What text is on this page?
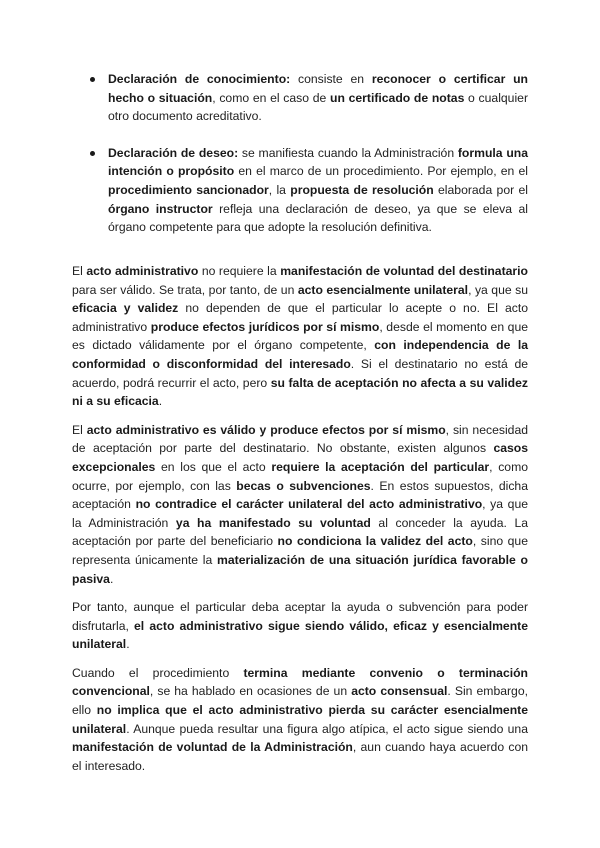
Declaración de conocimiento: consiste en reconocer o certificar un hecho o situación, como en el caso de un certificado de notas o cualquier otro documento acreditativo.

Declaración de deseo: se manifiesta cuando la Administración formula una intención o propósito en el marco de un procedimiento. Por ejemplo, en el procedimiento sancionador, la propuesta de resolución elaborada por el órgano instructor refleja una declaración de deseo, ya que se eleva al órgano competente para que adopte la resolución definitiva.

El acto administrativo no requiere la manifestación de voluntad del destinatario para ser válido. Se trata, por tanto, de un acto esencialmente unilateral, ya que su eficacia y validez no dependen de que el particular lo acepte o no. El acto administrativo produce efectos jurídicos por sí mismo, desde el momento en que es dictado válidamente por el órgano competente, con independencia de la conformidad o disconformidad del interesado. Si el destinatario no está de acuerdo, podrá recurrir el acto, pero su falta de aceptación no afecta a su validez ni a su eficacia.

El acto administrativo es válido y produce efectos por sí mismo, sin necesidad de aceptación por parte del destinatario. No obstante, existen algunos casos excepcionales en los que el acto requiere la aceptación del particular, como ocurre, por ejemplo, con las becas o subvenciones. En estos supuestos, dicha aceptación no contradice el carácter unilateral del acto administrativo, ya que la Administración ya ha manifestado su voluntad al conceder la ayuda. La aceptación por parte del beneficiario no condiciona la validez del acto, sino que representa únicamente la materialización de una situación jurídica favorable o pasiva.

Por tanto, aunque el particular deba aceptar la ayuda o subvención para poder disfrutarla, el acto administrativo sigue siendo válido, eficaz y esencialmente unilateral.

Cuando el procedimiento termina mediante convenio o terminación convencional, se ha hablado en ocasiones de un acto consensual. Sin embargo, ello no implica que el acto administrativo pierda su carácter esencialmente unilateral. Aunque pueda resultar una figura algo atípica, el acto sigue siendo una manifestación de voluntad de la Administración, aun cuando haya acuerdo con el interesado.
